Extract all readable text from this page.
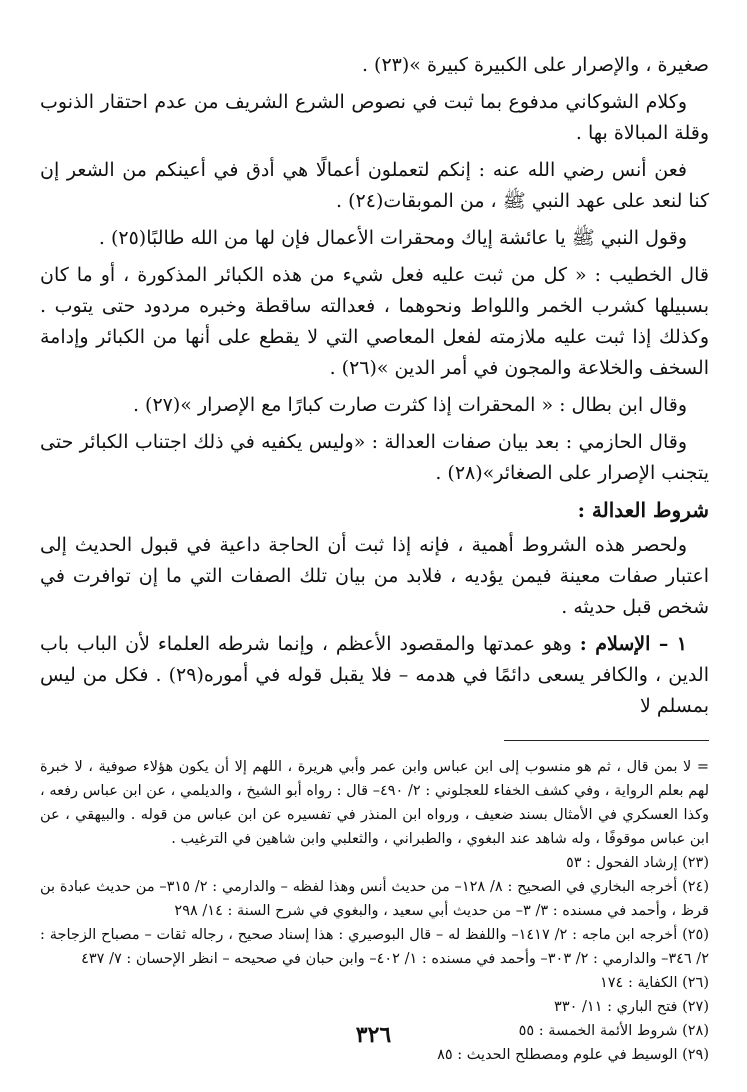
صغيرة ، والإصرار على الكبيرة كبيرة »(٢٣) .

وكلام الشوكاني مدفوع بما ثبت في نصوص الشرع الشريف من عدم احتقار الذنوب وقلة المبالاة بها .

فعن أنس رضي الله عنه : إنكم لتعملون أعمالًا هي أدق في أعينكم من الشعر إن كنا لنعد على عهد النبي ﷺ ، من الموبقات(٢٤) .

وقول النبي ﷺ يا عائشة إياك ومحقرات الأعمال فإن لها من الله طالبًا(٢٥) .

قال الخطيب : « كل من ثبت عليه فعل شيء من هذه الكبائر المذكورة ، أو ما كان بسبيلها كشرب الخمر واللواط ونحوهما ، فعدالته ساقطة وخبره مردود حتى يتوب . وكذلك إذا ثبت عليه ملازمته لفعل المعاصي التي لا يقطع على أنها من الكبائر وإدامة السخف والخلاعة والمجون في أمر الدين »(٢٦) .

وقال ابن بطال : « المحقرات إذا كثرت صارت كبارًا مع الإصرار »(٢٧) .

وقال الحازمي : بعد بيان صفات العدالة : «وليس يكفيه في ذلك اجتناب الكبائر حتى يتجنب الإصرار على الصغائر»(٢٨) .

شروط العدالة :

ولحصر هذه الشروط أهمية ، فإنه إذا ثبت أن الحاجة داعية في قبول الحديث إلى اعتبار صفات معينة فيمن يؤديه ، فلابد من بيان تلك الصفات التي ما إن توافرت في شخص قبل حديثه .

١ – الإسلام : وهو عمدتها والمقصود الأعظم ، وإنما شرطه العلماء لأن الباب باب الدين ، والكافر يسعى دائمًا في هدمه – فلا يقبل قوله في أموره(٢٩) . فكل من ليس بمسلم لا

= لا بمن قال ، ثم هو منسوب إلى ابن عباس وابن عمر وأبي هريرة ، اللهم إلا أن يكون هؤلاء صوفية ، لا خبرة لهم بعلم الرواية ، وفي كشف الخفاء للعجلوني : ٢/ ٤٩٠– قال : رواه أبو الشيخ ، والديلمي ، عن ابن عباس رفعه ، وكذا العسكري في الأمثال بسند ضعيف ، ورواه ابن المنذر في تفسيره عن ابن عباس من قوله . والبيهقي ، عن ابن عباس موقوفًا ، وله شاهد عند البغوي ، والطبراني ، والثعلبي وابن شاهين في الترغيب .

(٢٣) إرشاد الفحول : ٥٣

(٢٤) أخرجه البخاري في الصحيح : ٨/ ١٢٨– من حديث أنس وهذا لفظه – والدارمي : ٢/ ٣١٥– من حديث عبادة بن قرظ ، وأحمد في مسنده : ٣/ ٣– من حديث أبي سعيد ، والبغوي في شرح السنة : ١٤/ ٢٩٨

(٢٥) أخرجه ابن ماجه : ٢/ ١٤١٧– واللفظ له – قال البوصيري : هذا إسناد صحيح ، رجاله ثقات – مصباح الزجاجة : ٢/ ٣٤٦– والدارمي : ٢/ ٣٠٣– وأحمد في مسنده : ١/ ٤٠٢– وابن حبان في صحيحه – انظر الإحسان : ٧/ ٤٣٧

(٢٦) الكفاية : ١٧٤

(٢٧) فتح الباري : ١١/ ٣٣٠

(٢٨) شروط الأئمة الخمسة : ٥٥

(٢٩) الوسيط في علوم ومصطلح الحديث : ٨٥

٣٢٦
